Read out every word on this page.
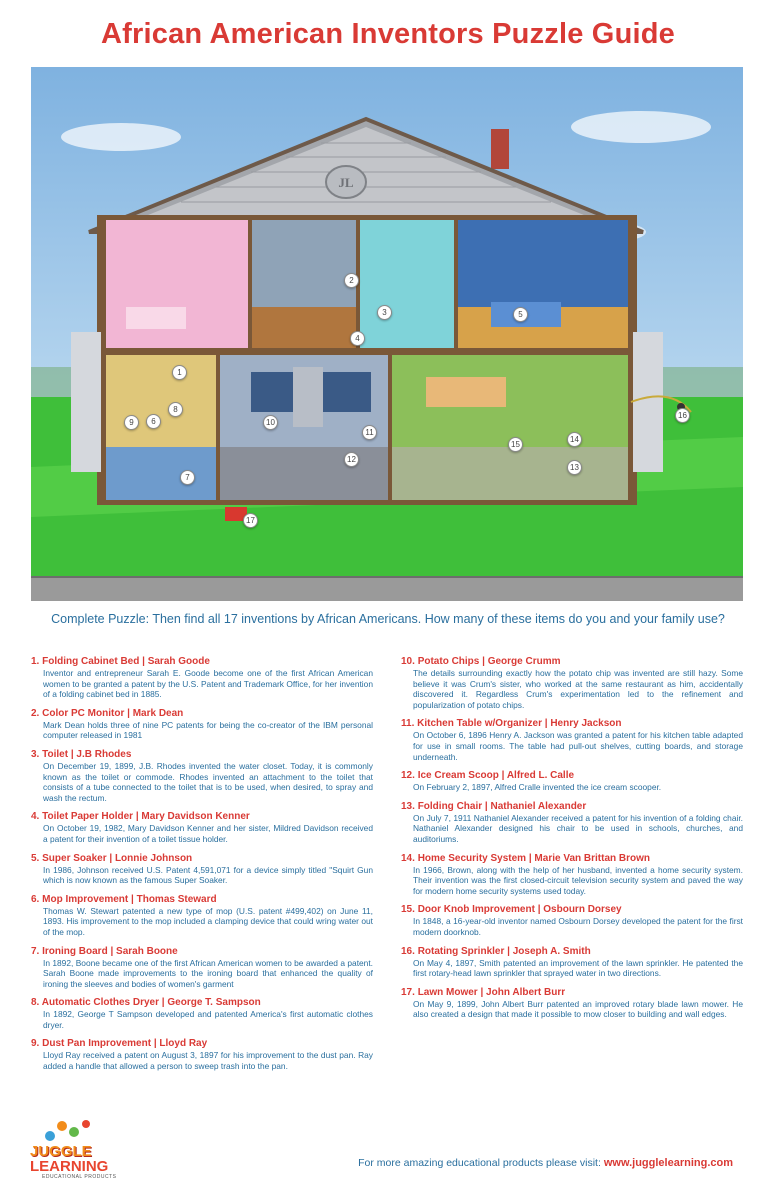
African American Inventors Puzzle Guide
JL
1
2
3
4
5
6
7
8
9	10
11
12
13
14
15
16
17
Complete Puzzle: Then find all 17 inventions by African Americans. How many of these items do you and your family use?
1. Folding Cabinet Bed | Sarah Goode
Inventor and entrepreneur Sarah E. Goode become one of the first African American women to be granted a patent by the U.S. Patent and Trademark Office, for her invention of a folding cabinet bed in 1885.
2. Color PC Monitor | Mark Dean
Mark Dean holds three of nine PC patents for being the co-creator of the IBM personal computer released in 1981
3. Toilet | J.B Rhodes
On December 19, 1899, J.B. Rhodes invented the water closet. Today, it is commonly known as the toilet or commode. Rhodes invented an attachment to the toilet that consists of a tube connected to the toilet that is to be used, when desired, to spray and wash the rectum.
4. Toilet Paper Holder | Mary Davidson Kenner
On October 19, 1982, Mary Davidson Kenner and her sister, Mildred Davidson received a patent for their invention of a toilet tissue holder.
5. Super Soaker | Lonnie Johnson
In 1986, Johnson received U.S. Patent 4,591,071 for a device simply titled "Squirt Gun which is now known as the famous Super Soaker.
6. Mop Improvement | Thomas Steward
Thomas W. Stewart patented a new type of mop (U.S. patent #499,402) on June 11, 1893. His improvement to the mop included a clamping device that could wring water out of the mop.
7. Ironing Board | Sarah Boone
In 1892, Boone became one of the first African American women to be awarded a patent. Sarah Boone made improvements to the ironing board that enhanced the quality of ironing the sleeves and bodies of women's garment
8. Automatic Clothes Dryer | George T. Sampson
In 1892, George T Sampson developed and patented America's first automatic clothes dryer.
9. Dust Pan Improvement | Lloyd Ray
Lloyd Ray received a patent on August 3, 1897 for his improvement to the dust pan. Ray added a handle that allowed a person to sweep trash into the pan.
10. Potato Chips | George Crumm
The details surrounding exactly how the potato chip was invented are still hazy. Some believe it was Crum's sister, who worked at the same restaurant as him, accidentally discovered it. Regardless Crum's experimentation led to the refinement and popularization of potato chips.
11. Kitchen Table w/Organizer | Henry Jackson
On October 6, 1896 Henry A. Jackson was granted a patent for his kitchen table adapted for use in small rooms. The table had pull-out shelves, cutting boards, and storage underneath.
12. Ice Cream Scoop | Alfred L. Calle
On February 2, 1897, Alfred Cralle invented the ice cream scooper.
13. Folding Chair | Nathaniel Alexander
On July 7, 1911 Nathaniel Alexander received a patent for his invention of a folding chair. Nathaniel Alexander designed his chair to be used in schools, churches, and auditoriums.
14. Home Security System | Marie Van Brittan Brown
In 1966, Brown, along with the help of her husband, invented a home security system. Their invention was the first closed-circuit television security system and paved the way for modern home security systems used today.
15. Door Knob Improvement | Osbourn Dorsey
In 1848, a 16-year-old inventor named Osbourn Dorsey developed the patent for the first modern doorknob.
16. Rotating Sprinkler | Joseph A. Smith
On May 4, 1897, Smith patented an improvement of the lawn sprinkler. He patented the first rotary-head lawn sprinkler that sprayed water in two directions.
17. Lawn Mower | John Albert Burr
On May 9, 1899, John Albert Burr patented an improved rotary blade lawn mower. He also created a design that made it possible to mow closer to building and wall edges.
JUGGLE
LEARNING
EDUCATIONAL PRODUCTS
For more amazing educational products please visit: www.jugglelearning.com
